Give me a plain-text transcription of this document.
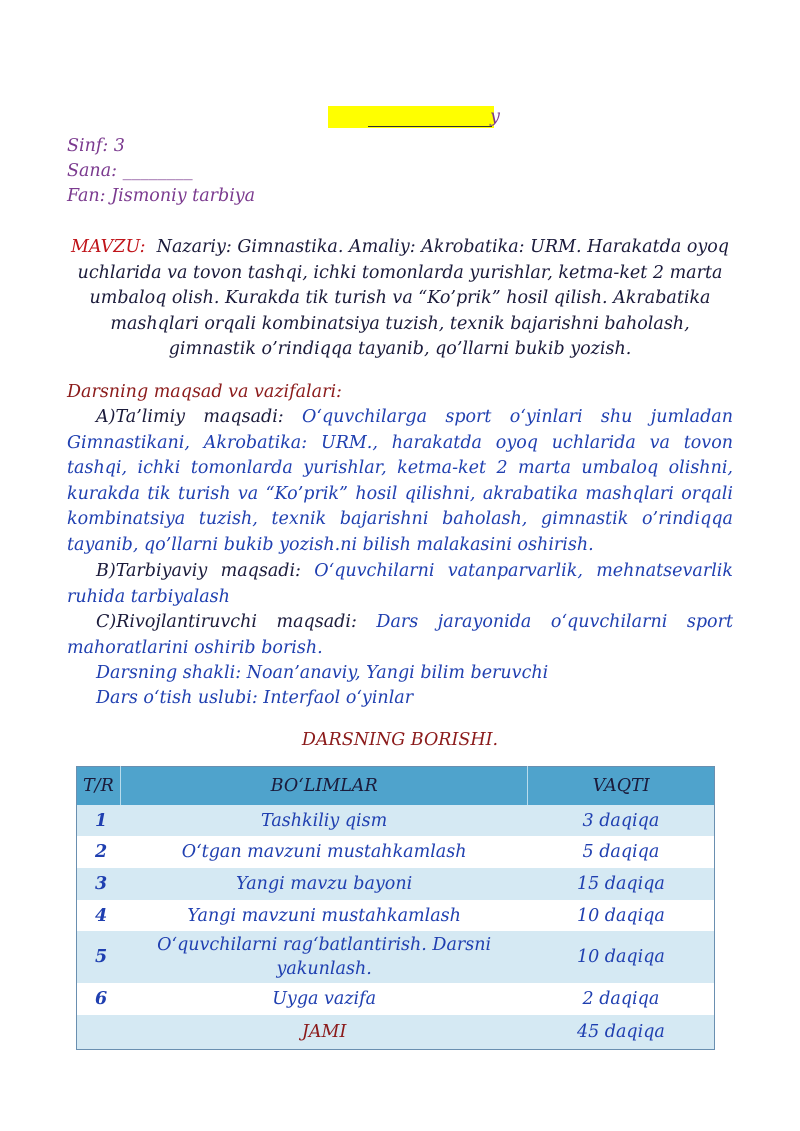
y
Sinf: 3
Sana: ________
Fan: Jismoniy tarbiya
MAVZU: Nazariy: Gimnastika. Amaliy: Akrobatika: URM. Harakatda oyoq uchlarida va tovon tashqi, ichki tomonlarda yurishlar, ketma-ket 2 marta umbaloq olish. Kurakda tik turish va “Ko’prik” hosil qilish. Akrabatika mashqlari orqali kombinatsiya tuzish, texnik bajarishni baholash, gimnastik o’rindiqqa tayanib, qo’llarni bukib yozish.
Darsning maqsad va vazifalari:
A)Ta’limiy maqsadi: O‘quvchilarga sport o‘yinlari shu jumladan Gimnastikani, Akrobatika: URM., harakatda oyoq uchlarida va tovon tashqi, ichki tomonlarda yurishlar, ketma-ket 2 marta umbaloq olishni, kurakda tik turish va “Ko’prik” hosil qilishni, akrabatika mashqlari orqali kombinatsiya tuzish, texnik bajarishni baholash, gimnastik o’rindiqqa tayanib, qo’llarni bukib yozish.ni bilish malakasini oshirish.
B)Tarbiyaviy maqsadi: O‘quvchilarni vatanparvarlik, mehnatsevarlik ruhida tarbiyalash
C)Rivojlantiruvchi maqsadi: Dars jarayonida o‘quvchilarni sport mahoratlarini oshirib borish.
Darsning shakli: Noan’anaviy, Yangi bilim beruvchi
Dars o‘tish uslubi: Interfaol o‘yinlar
DARSNING BORISHI.
T/R	BO‘LIMLAR	VAQTI
1	Tashkiliy qism	3 daqiqa
2	O‘tgan mavzuni mustahkamlash	5 daqiqa
3	Yangi mavzu bayoni	15 daqiqa
4	Yangi mavzuni mustahkamlash	10 daqiqa
5	O‘quvchilarni rag‘batlantirish. Darsni yakunlash.	10 daqiqa
6	Uyga vazifa	2 daqiqa
	JAMI	45 daqiqa
